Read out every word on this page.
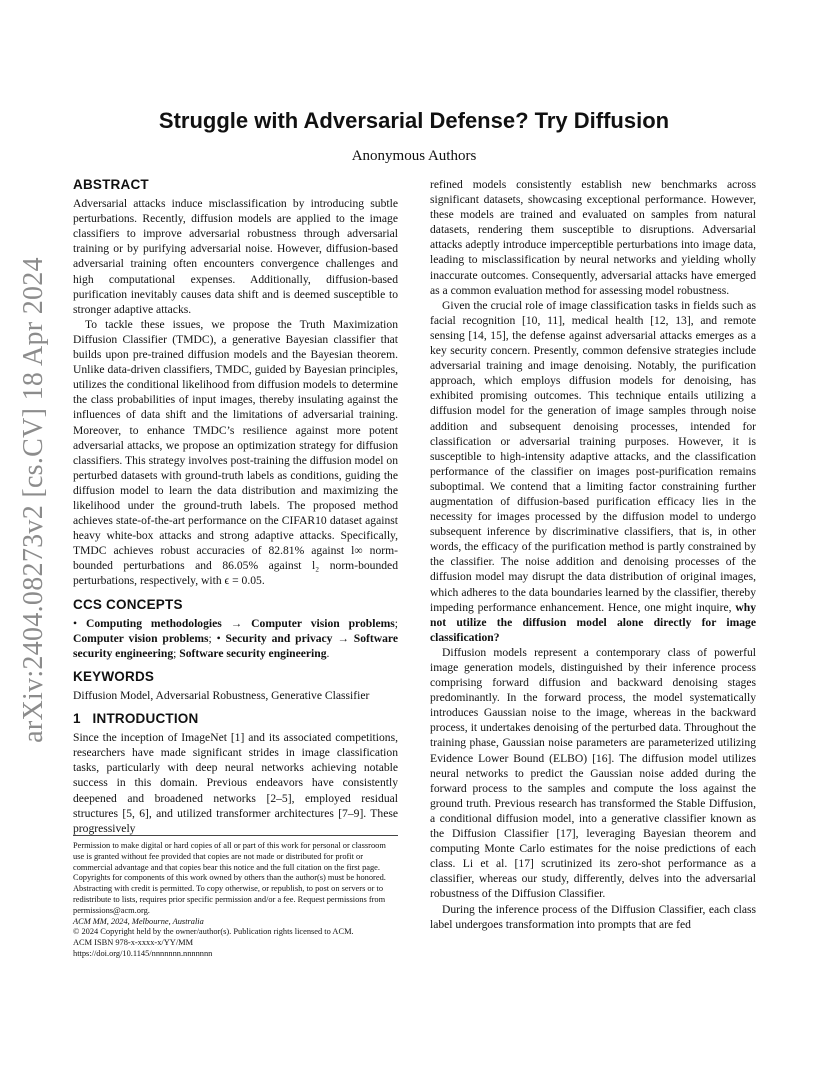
arXiv:2404.08273v2 [cs.CV] 18 Apr 2024
Struggle with Adversarial Defense? Try Diffusion
Anonymous Authors
ABSTRACT

Adversarial attacks induce misclassification by introducing subtle perturbations. Recently, diffusion models are applied to the image classifiers to improve adversarial robustness through adversarial training or by purifying adversarial noise. However, diffusion-based adversarial training often encounters convergence challenges and high computational expenses. Additionally, diffusion-based purification inevitably causes data shift and is deemed susceptible to stronger adaptive attacks.

To tackle these issues, we propose the Truth Maximization Diffusion Classifier (TMDC), a generative Bayesian classifier that builds upon pre-trained diffusion models and the Bayesian theorem. Unlike data-driven classifiers, TMDC, guided by Bayesian principles, utilizes the conditional likelihood from diffusion models to determine the class probabilities of input images, thereby insulating against the influences of data shift and the limitations of adversarial training. Moreover, to enhance TMDC’s resilience against more potent adversarial attacks, we propose an optimization strategy for diffusion classifiers. This strategy involves post-training the diffusion model on perturbed datasets with ground-truth labels as conditions, guiding the diffusion model to learn the data distribution and maximizing the likelihood under the ground-truth labels. The proposed method achieves state-of-the-art performance on the CIFAR10 dataset against heavy white-box attacks and strong adaptive attacks. Specifically, TMDC achieves robust accuracies of 82.81% against l∞ norm-bounded perturbations and 86.05% against l₂ norm-bounded perturbations, respectively, with ϵ = 0.05.

CCS CONCEPTS

• Computing methodologies → Computer vision problems; Computer vision problems; • Security and privacy → Software security engineering; Software security engineering.

KEYWORDS

Diffusion Model, Adversarial Robustness, Generative Classifier

1   INTRODUCTION

Since the inception of ImageNet [1] and its associated competitions, researchers have made significant strides in image classification tasks, particularly with deep neural networks achieving notable success in this domain. Previous endeavors have consistently deepened and broadened networks [2–5], employed residual structures [5, 6], and utilized transformer architectures [7–9]. These progressively

Permission to make digital or hard copies of all or part of this work for personal or classroom use is granted without fee provided that copies are not made or distributed for profit or commercial advantage and that copies bear this notice and the full citation on the first page. Copyrights for components of this work owned by others than the author(s) must be honored. Abstracting with credit is permitted. To copy otherwise, or republish, to post on servers or to redistribute to lists, requires prior specific permission and/or a fee. Request permissions from permissions@acm.org.
ACM MM, 2024, Melbourne, Australia
© 2024 Copyright held by the owner/author(s). Publication rights licensed to ACM.
ACM ISBN 978-x-xxxx-x/YY/MM
https://doi.org/10.1145/nnnnnnn.nnnnnnn

refined models consistently establish new benchmarks across significant datasets, showcasing exceptional performance. However, these models are trained and evaluated on samples from natural datasets, rendering them susceptible to disruptions. Adversarial attacks adeptly introduce imperceptible perturbations into image data, leading to misclassification by neural networks and yielding wholly inaccurate outcomes. Consequently, adversarial attacks have emerged as a common evaluation method for assessing model robustness.

Given the crucial role of image classification tasks in fields such as facial recognition [10, 11], medical health [12, 13], and remote sensing [14, 15], the defense against adversarial attacks emerges as a key security concern. Presently, common defensive strategies include adversarial training and image denoising. Notably, the purification approach, which employs diffusion models for denoising, has exhibited promising outcomes. This technique entails utilizing a diffusion model for the generation of image samples through noise addition and subsequent denoising processes, intended for classification or adversarial training purposes. However, it is susceptible to high-intensity adaptive attacks, and the classification performance of the classifier on images post-purification remains suboptimal. We contend that a limiting factor constraining further augmentation of diffusion-based purification efficacy lies in the necessity for images processed by the diffusion model to undergo subsequent inference by discriminative classifiers, that is, in other words, the efficacy of the purification method is partly constrained by the classifier. The noise addition and denoising processes of the diffusion model may disrupt the data distribution of original images, which adheres to the data boundaries learned by the classifier, thereby impeding performance enhancement. Hence, one might inquire, why not utilize the diffusion model alone directly for image classification?

Diffusion models represent a contemporary class of powerful image generation models, distinguished by their inference process comprising forward diffusion and backward denoising stages predominantly. In the forward process, the model systematically introduces Gaussian noise to the image, whereas in the backward process, it undertakes denoising of the perturbed data. Throughout the training phase, Gaussian noise parameters are parameterized utilizing Evidence Lower Bound (ELBO) [16]. The diffusion model utilizes neural networks to predict the Gaussian noise added during the forward process to the samples and compute the loss against the ground truth. Previous research has transformed the Stable Diffusion, a conditional diffusion model, into a generative classifier known as the Diffusion Classifier [17], leveraging Bayesian theorem and computing Monte Carlo estimates for the noise predictions of each class. Li et al. [17] scrutinized its zero-shot performance as a classifier, whereas our study, differently, delves into the adversarial robustness of the Diffusion Classifier.

During the inference process of the Diffusion Classifier, each class label undergoes transformation into prompts that are fed
